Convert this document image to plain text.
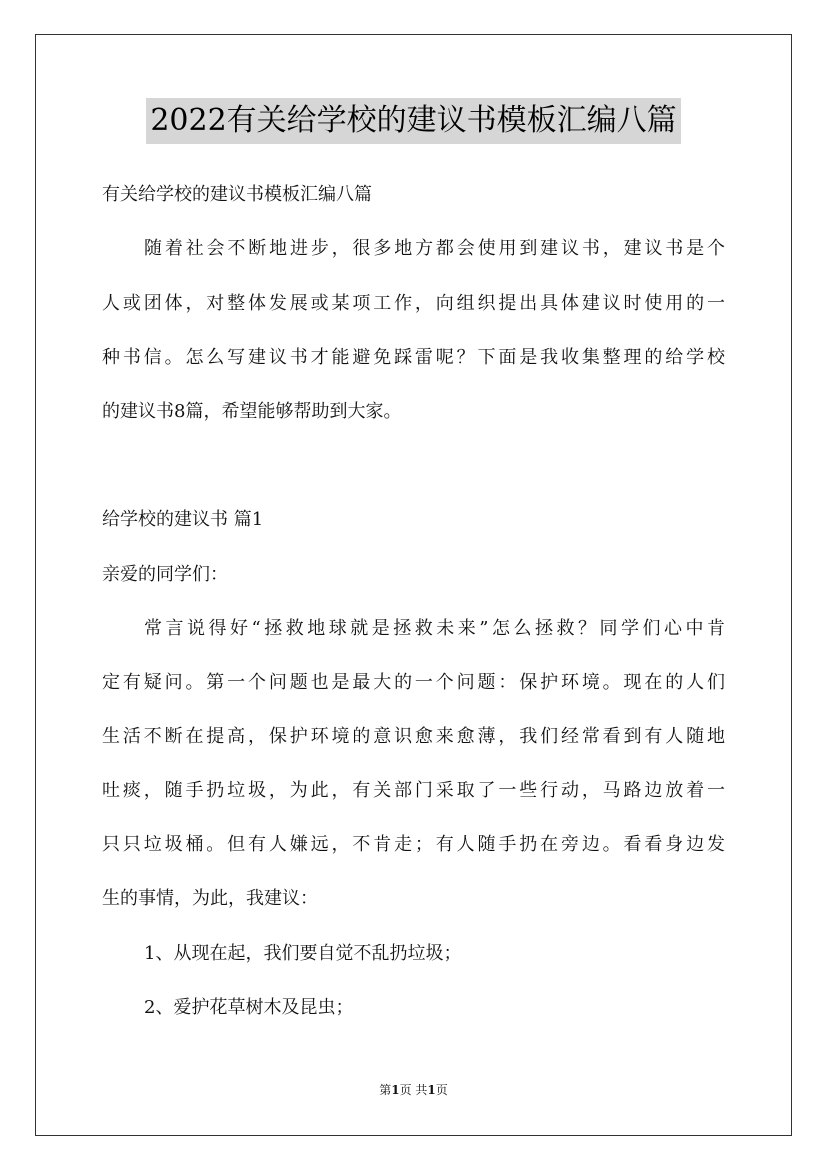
2022有关给学校的建议书模板汇编八篇
有关给学校的建议书模板汇编八篇
随着社会不断地进步，很多地方都会使用到建议书，建议书是个
人或团体，对整体发展或某项工作，向组织提出具体建议时使用的一
种书信。怎么写建议书才能避免踩雷呢？下面是我收集整理的给学校
的建议书8篇，希望能够帮助到大家。
给学校的建议书 篇1
亲爱的同学们：
常言说得好“拯救地球就是拯救未来”怎么拯救？同学们心中肯
定有疑问。第一个问题也是最大的一个问题：保护环境。现在的人们
生活不断在提高，保护环境的意识愈来愈薄，我们经常看到有人随地
吐痰，随手扔垃圾，为此，有关部门采取了一些行动，马路边放着一
只只垃圾桶。但有人嫌远，不肯走；有人随手扔在旁边。看看身边发
生的事情，为此，我建议：
1、从现在起，我们要自觉不乱扔垃圾；
2、爱护花草树木及昆虫；
第1页 共1页
